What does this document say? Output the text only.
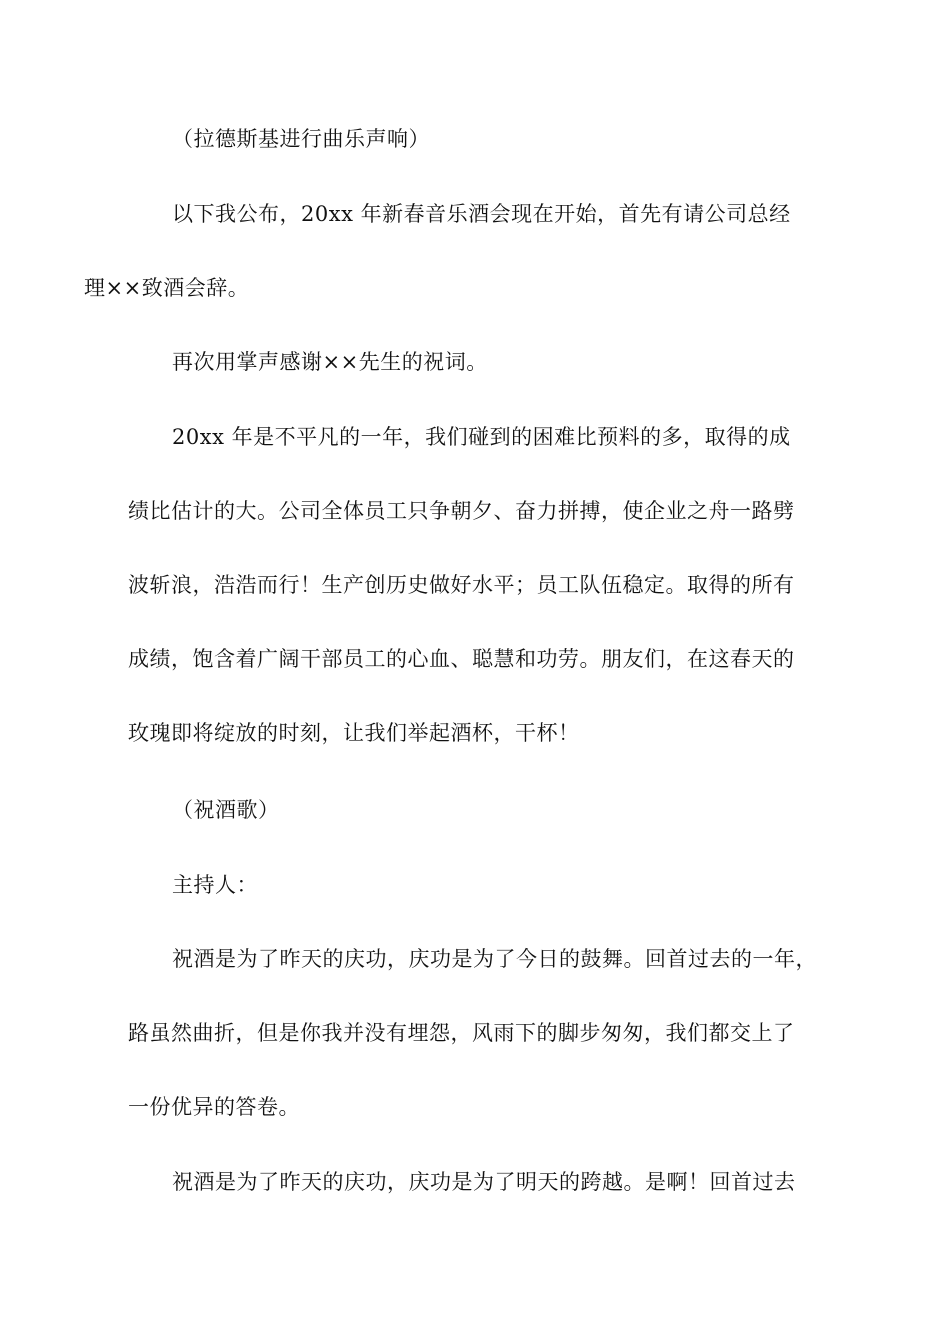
（拉德斯基进行曲乐声响）

以下我公布，20xx 年新春音乐酒会现在开始，首先有请公司总经
理××致酒会辞。

再次用掌声感谢××先生的祝词。

20xx 年是不平凡的一年，我们碰到的困难比预料的多，取得的成
绩比估计的大。公司全体员工只争朝夕、奋力拼搏，使企业之舟一路劈
波斩浪，浩浩而行！生产创历史做好水平；员工队伍稳定。取得的所有
成绩，饱含着广阔干部员工的心血、聪慧和功劳。朋友们，在这春天的
玫瑰即将绽放的时刻，让我们举起酒杯，干杯！

（祝酒歌）

主持人：

祝酒是为了昨天的庆功，庆功是为了今日的鼓舞。回首过去的一年，
路虽然曲折，但是你我并没有埋怨，风雨下的脚步匆匆，我们都交上了
一份优异的答卷。

祝酒是为了昨天的庆功，庆功是为了明天的跨越。是啊！回首过去
